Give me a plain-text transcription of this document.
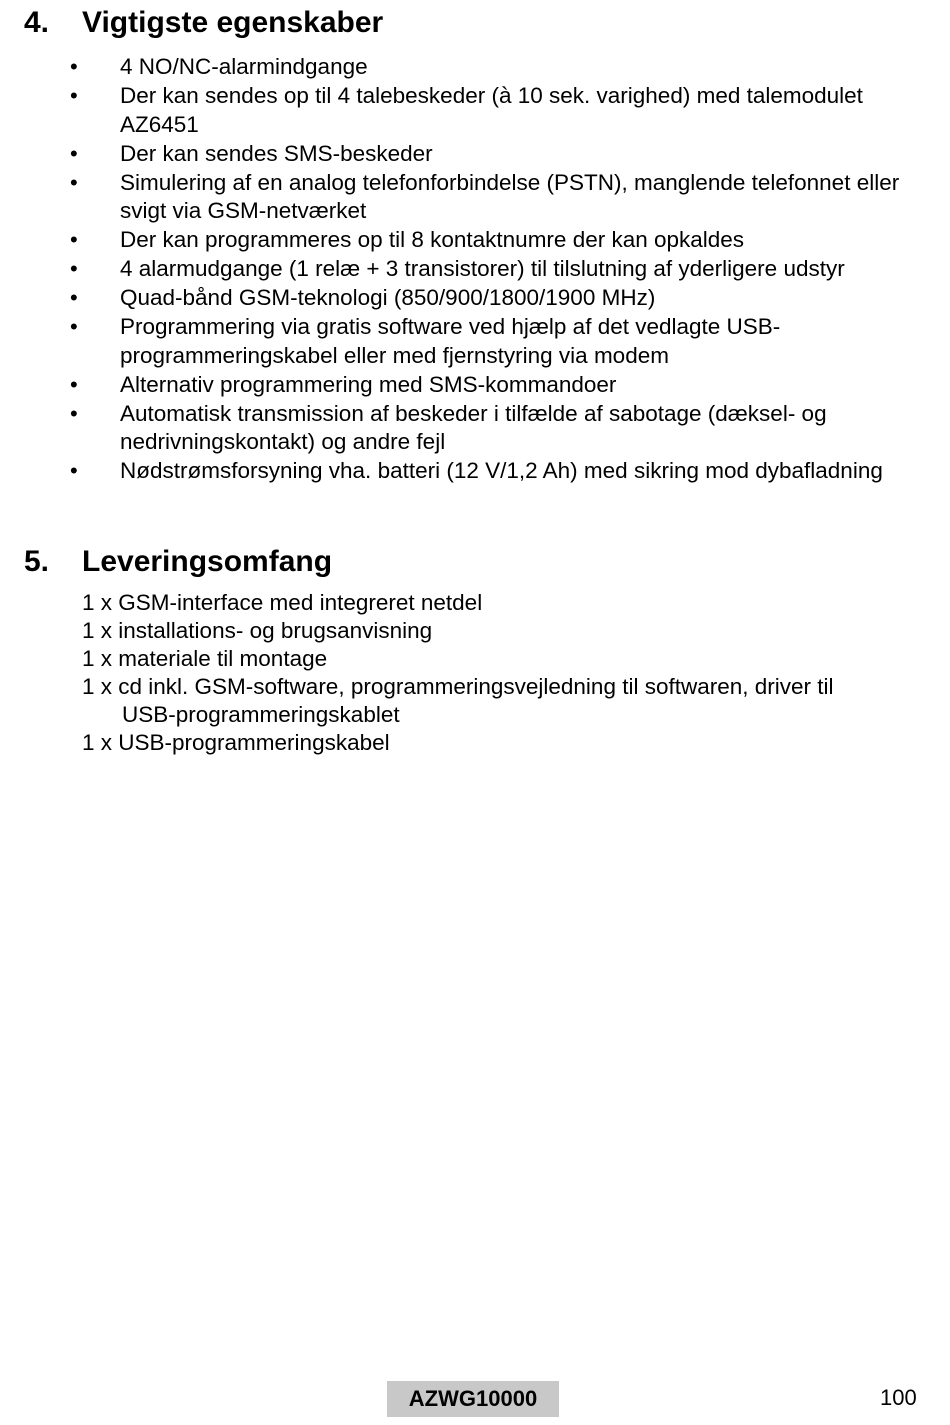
4. Vigtigste egenskaber
• 4 NO/NC-alarmindgange
• Der kan sendes op til 4 talebeskeder (à 10 sek. varighed) med talemodulet AZ6451
• Der kan sendes SMS-beskeder
• Simulering af en analog telefonforbindelse (PSTN), manglende telefonnet eller svigt via GSM-netværket
• Der kan programmeres op til 8 kontaktnumre der kan opkaldes
• 4 alarmudgange (1 relæ + 3 transistorer) til tilslutning af yderligere udstyr
• Quad-bånd GSM-teknologi (850/900/1800/1900 MHz)
• Programmering via gratis software ved hjælp af det vedlagte USB-programmeringskabel eller med fjernstyring via modem
• Alternativ programmering med SMS-kommandoer
• Automatisk transmission af beskeder i tilfælde af sabotage (dæksel- og nedrivningskontakt) og andre fejl
• Nødstrømsforsyning vha. batteri (12 V/1,2 Ah) med sikring mod dybafladning
5. Leveringsomfang
1 x GSM-interface med integreret netdel
1 x installations- og brugsanvisning
1 x materiale til montage
1 x cd inkl. GSM-software, programmeringsvejledning til softwaren, driver til
USB-programmeringskablet
1 x USB-programmeringskabel
AZWG10000	100
